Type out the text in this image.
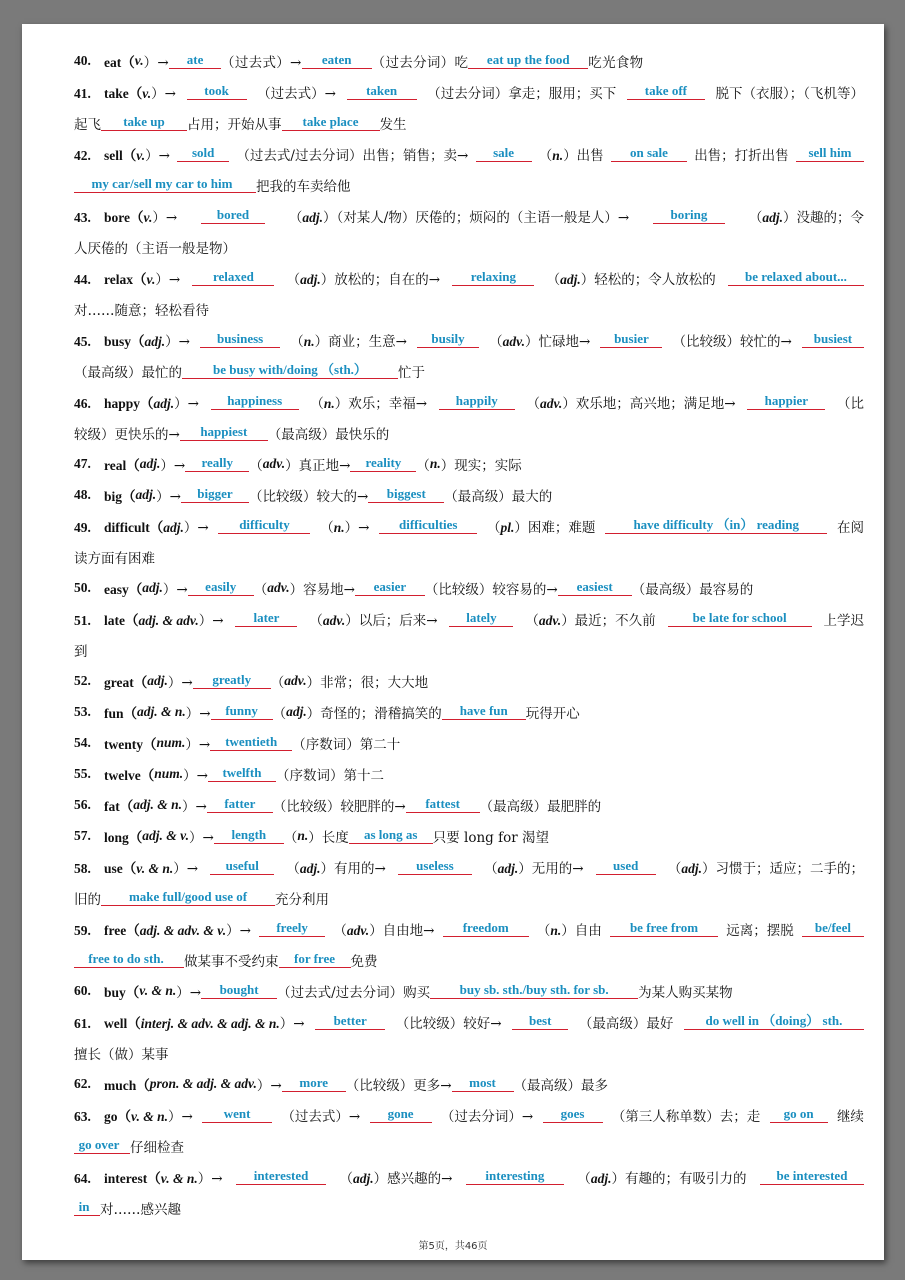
40. eat（ v. ）→	ate	（过去式）→	eaten	（过去分词）吃	eat up the food	吃光食物
41. take（v.）→	took	（过去式）→	taken	（过去分词）拿走；服用；买下	take off	脱下（衣服）；（飞机等）
起飞	take up	占用；开始从事	take place	发生
42. sell（v.）→	sold	（过去式/过去分词）出售；销售；卖→	sale	（n.）出售	on sale	出售；打折出售	sell him
my car/sell my car to him	把我的车卖给他
43. bore（v.）→	bored	（adj.）（对某人/物）厌倦的；烦闷的（主语一般是人）→	boring	（adj.）没趣的；令
人厌倦的（主语一般是物）
44. relax（v.）→	relaxed	（adj.）放松的；自在的→	relaxing	（adj.）轻松的；令人放松的	be relaxed about...
对……随意；轻松看待
45. busy（adj.）→	business	（n.）商业；生意→	busily	（adv.）忙碌地→	busier	（比较级）较忙的→	busiest
（最高级）最忙的	be busy with/doing （sth.）	忙于
46. happy（adj.）→	happiness	（n.）欢乐；幸福→	happily	（adv.）欢乐地；高兴地；满足地→	happier	（比
较级）更快乐的→	happiest	（最高级）最快乐的
47. real（ adj. ）→	really	（ adv. ）真正地→	reality	（ n. ）现实；实际
48. big（ adj. ）→	bigger	（比较级）较大的→	biggest	（最高级）最大的
49. difficult（adj.）→	difficulty	（n.）→	difficulties	（pl.）困难；难题	have difficulty （in） reading	在阅
读方面有困难
50. easy（ adj. ）→	easily	（ adv. ）容易地→	easier	（比较级）较容易的→	easiest	（最高级）最容易的
51. late（adj. & adv.）→	later	（adv.）以后；后来→	lately	（adv.）最近；不久前	be late for school	上学迟
到
52. great（ adj. ）→	greatly	（ adv. ）非常；很；大大地
53. fun（ adj. & n. ）→	funny	（ adj. ）奇怪的；滑稽搞笑的	have fun	玩得开心
54. twenty（ num. ）→	twentieth	（序数词）第二十
55. twelve（ num. ）→	twelfth	（序数词）第十二
56. fat（ adj. & n. ）→	fatter	（比较级）较肥胖的→	fattest	（最高级）最肥胖的
57. long（ adj. & v. ）→	length	（ n. ）长度	as long as	只要 long for 渴望
58. use（v. & n.）→	useful	（adj.）有用的→	useless	（adj.）无用的→	used	（adj.）习惯于；适应；二手的；
旧的	make full/good use of	充分利用
59. free（adj. & adv. & v.）→	freely	（adv.）自由地→	freedom	（n.）自由	be free from	远离；摆脱	be/feel
free to do sth.	做某事不受约束	for free	免费
60. buy（ v. & n. ）→	bought	（过去式/过去分词）购买	buy sb. sth./buy sth. for sb.	为某人购买某物
61. well（interj. & adv. & adj. & n.）→	better	（比较级）较好→	best	（最高级）最好	do well in （doing） sth.
擅长（做）某事
62. much（ pron. & adj. & adv. ）→	more	（比较级）更多→	most	（最高级）最多
63. go（v. & n.）→	went	（过去式）→	gone	（过去分词）→	goes	（第三人称单数）去；走	go on	继续
go over 仔细检查
64. interest（v. & n.）→	interested	（adj.）感兴趣的→	interesting	（adj.）有趣的；有吸引力的	be interested
in 对……感兴趣
第5页，共46页
